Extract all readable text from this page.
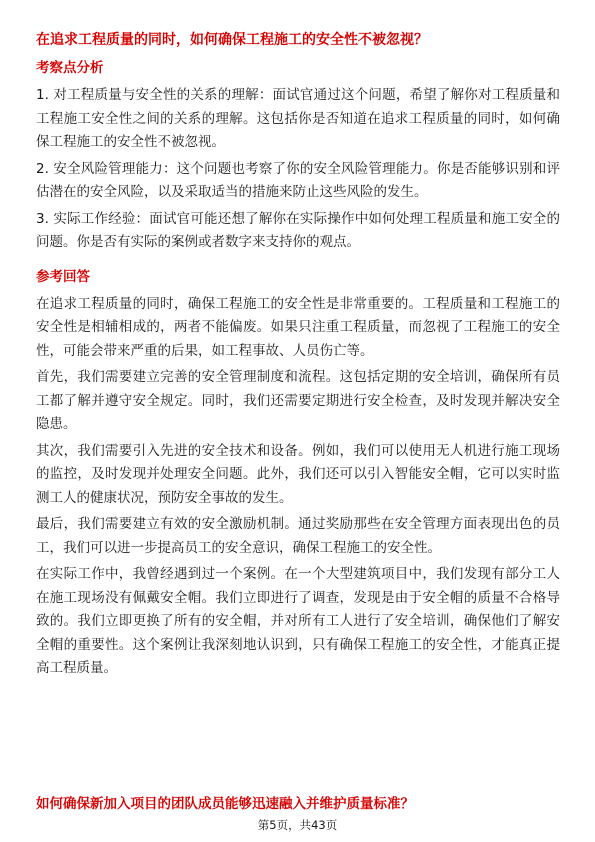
在追求工程质量的同时，如何确保工程施工的安全性不被忽视？
考察点分析

1. 对工程质量与安全性的关系的理解：面试官通过这个问题，希望了解你对工程质量和工程施工安全性之间的关系的理解。这包括你是否知道在追求工程质量的同时，如何确保工程施工的安全性不被忽视。

2. 安全风险管理能力：这个问题也考察了你的安全风险管理能力。你是否能够识别和评估潜在的安全风险，以及采取适当的措施来防止这些风险的发生。

3. 实际工作经验：面试官可能还想了解你在实际操作中如何处理工程质量和施工安全的问题。你是否有实际的案例或者数字来支持你的观点。

参考回答

在追求工程质量的同时，确保工程施工的安全性是非常重要的。工程质量和工程施工的安全性是相辅相成的，两者不能偏废。如果只注重工程质量，而忽视了工程施工的安全性，可能会带来严重的后果，如工程事故、人员伤亡等。

首先，我们需要建立完善的安全管理制度和流程。这包括定期的安全培训，确保所有员工都了解并遵守安全规定。同时，我们还需要定期进行安全检查，及时发现并解决安全隐患。

其次，我们需要引入先进的安全技术和设备。例如，我们可以使用无人机进行施工现场的监控，及时发现并处理安全问题。此外，我们还可以引入智能安全帽，它可以实时监测工人的健康状况，预防安全事故的发生。

最后，我们需要建立有效的安全激励机制。通过奖励那些在安全管理方面表现出色的员工，我们可以进一步提高员工的安全意识，确保工程施工的安全性。

在实际工作中，我曾经遇到过一个案例。在一个大型建筑项目中，我们发现有部分工人在施工现场没有佩戴安全帽。我们立即进行了调查，发现是由于安全帽的质量不合格导致的。我们立即更换了所有的安全帽，并对所有工人进行了安全培训，确保他们了解安全帽的重要性。这个案例让我深刻地认识到，只有确保工程施工的安全性，才能真正提高工程质量。

如何确保新加入项目的团队成员能够迅速融入并维护质量标准？
第5页，共43页
